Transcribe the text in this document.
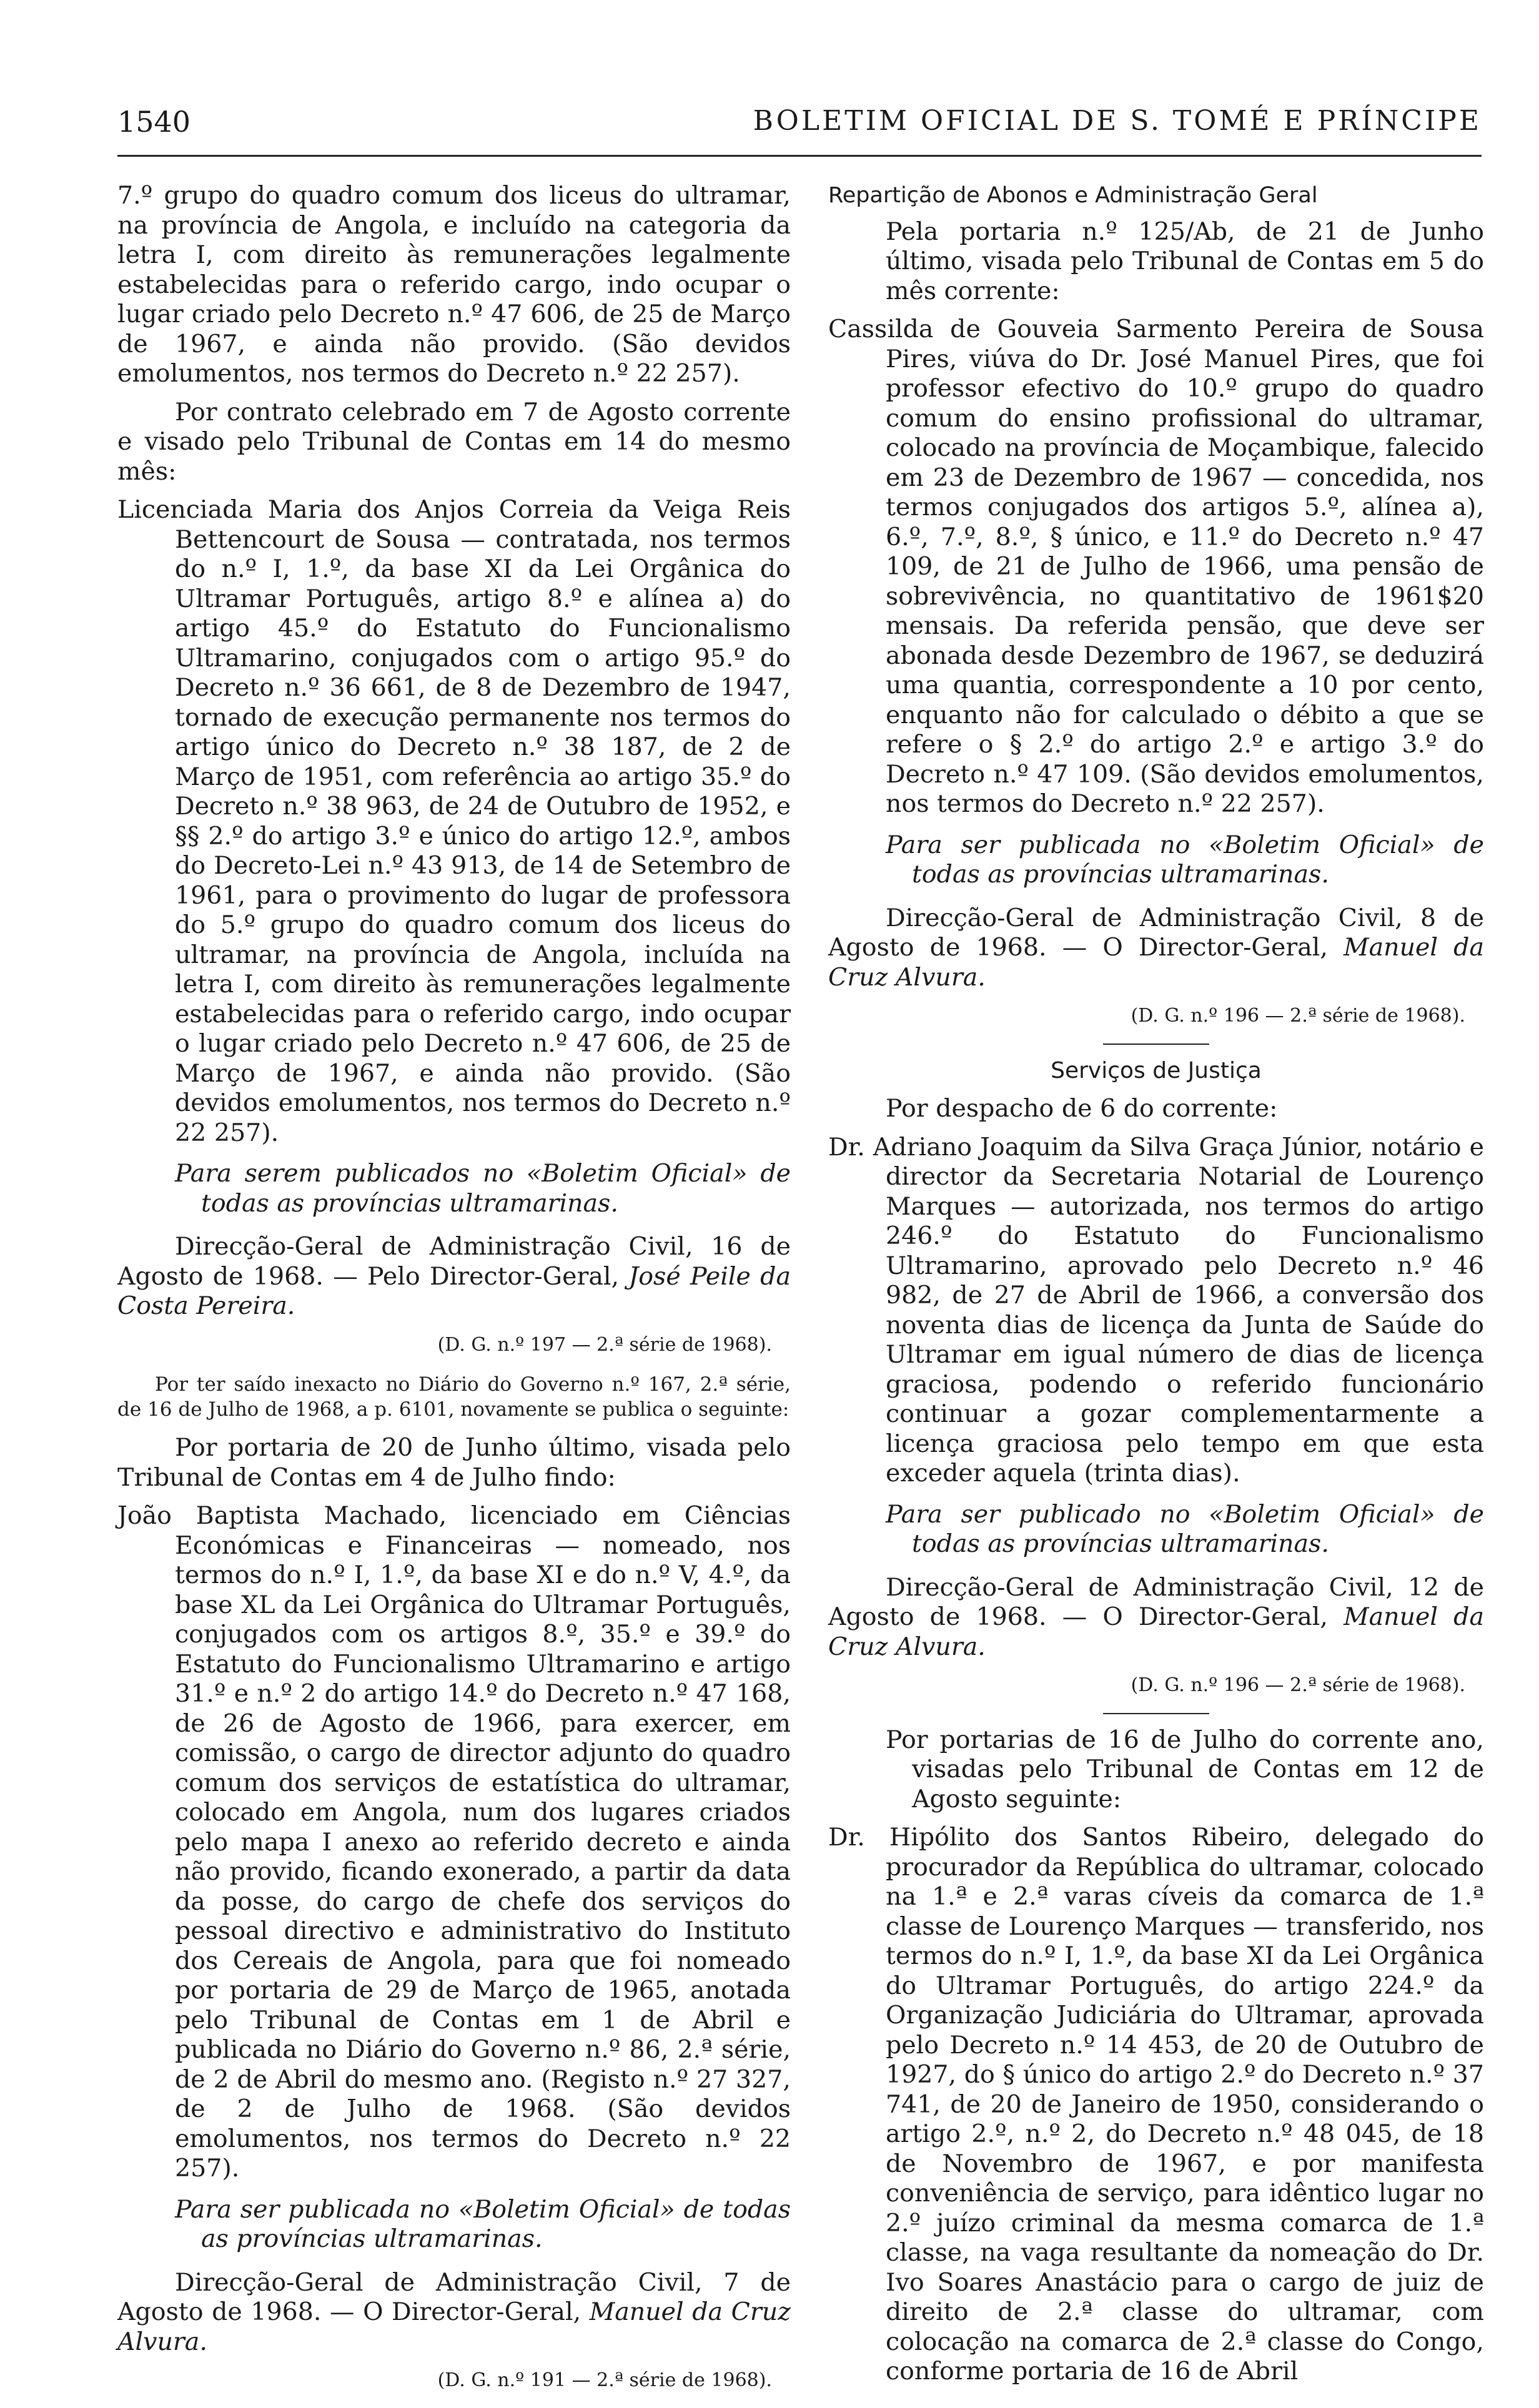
1540	BOLETIM OFICIAL DE S. TOMÉ E PRÍNCIPE

7.º grupo do quadro comum dos liceus do ultramar, na província de Angola, e incluído na categoria da letra I, com direito às remunerações legalmente estabelecidas para o referido cargo, indo ocupar o lugar criado pelo Decreto n.º 47 606, de 25 de Março de 1967, e ainda não provido. (São devidos emolumentos, nos termos do Decreto n.º 22 257).

Por contrato celebrado em 7 de Agosto corrente e visado pelo Tribunal de Contas em 14 do mesmo mês:

Licenciada Maria dos Anjos Correia da Veiga Reis Bettencourt de Sousa — contratada, nos termos do n.º I, 1.º, da base XI da Lei Orgânica do Ultramar Português, artigo 8.º e alínea a) do artigo 45.º do Estatuto do Funcionalismo Ultramarino, conjugados com o artigo 95.º do Decreto n.º 36 661, de 8 de Dezembro de 1947, tornado de execução permanente nos termos do artigo único do Decreto n.º 38 187, de 2 de Março de 1951, com referência ao artigo 35.º do Decreto n.º 38 963, de 24 de Outubro de 1952, e §§ 2.º do artigo 3.º e único do artigo 12.º, ambos do Decreto-Lei n.º 43 913, de 14 de Setembro de 1961, para o provimento do lugar de professora do 5.º grupo do quadro comum dos liceus do ultramar, na província de Angola, incluída na letra I, com direito às remunerações legalmente estabelecidas para o referido cargo, indo ocupar o lugar criado pelo Decreto n.º 47 606, de 25 de Março de 1967, e ainda não provido. (São devidos emolumentos, nos termos do Decreto n.º 22 257).

Para serem publicados no «Boletim Oficial» de todas as províncias ultramarinas.

Direcção-Geral de Administração Civil, 16 de Agosto de 1968. — Pelo Director-Geral, José Peile da Costa Pereira.

(D. G. n.º 197 — 2.ª série de 1968).

Por ter saído inexacto no Diário do Governo n.º 167, 2.ª série, de 16 de Julho de 1968, a p. 6101, novamente se publica o seguinte:

Por portaria de 20 de Junho último, visada pelo Tribunal de Contas em 4 de Julho findo:

João Baptista Machado, licenciado em Ciências Económicas e Financeiras — nomeado, nos termos do n.º I, 1.º, da base XI e do n.º V, 4.º, da base XL da Lei Orgânica do Ultramar Português, conjugados com os artigos 8.º, 35.º e 39.º do Estatuto do Funcionalismo Ultramarino e artigo 31.º e n.º 2 do artigo 14.º do Decreto n.º 47 168, de 26 de Agosto de 1966, para exercer, em comissão, o cargo de director adjunto do quadro comum dos serviços de estatística do ultramar, colocado em Angola, num dos lugares criados pelo mapa I anexo ao referido decreto e ainda não provido, ficando exonerado, a partir da data da posse, do cargo de chefe dos serviços do pessoal directivo e administrativo do Instituto dos Cereais de Angola, para que foi nomeado por portaria de 29 de Março de 1965, anotada pelo Tribunal de Contas em 1 de Abril e publicada no Diário do Governo n.º 86, 2.ª série, de 2 de Abril do mesmo ano. (Registo n.º 27 327, de 2 de Julho de 1968. (São devidos emolumentos, nos termos do Decreto n.º 22 257).

Para ser publicada no «Boletim Oficial» de todas as províncias ultramarinas.

Direcção-Geral de Administração Civil, 7 de Agosto de 1968. — O Director-Geral, Manuel da Cruz Alvura.

(D. G. n.º 191 — 2.ª série de 1968).

Repartição de Abonos e Administração Geral

Pela portaria n.º 125/Ab, de 21 de Junho último, visada pelo Tribunal de Contas em 5 do mês corrente:

Cassilda de Gouveia Sarmento Pereira de Sousa Pires, viúva do Dr. José Manuel Pires, que foi professor efectivo do 10.º grupo do quadro comum do ensino profissional do ultramar, colocado na província de Moçambique, falecido em 23 de Dezembro de 1967 — concedida, nos termos conjugados dos artigos 5.º, alínea a), 6.º, 7.º, 8.º, § único, e 11.º do Decreto n.º 47 109, de 21 de Julho de 1966, uma pensão de sobrevivência, no quantitativo de 1961$20 mensais. Da referida pensão, que deve ser abonada desde Dezembro de 1967, se deduzirá uma quantia, correspondente a 10 por cento, enquanto não for calculado o débito a que se refere o § 2.º do artigo 2.º e artigo 3.º do Decreto n.º 47 109. (São devidos emolumentos, nos termos do Decreto n.º 22 257).

Para ser publicada no «Boletim Oficial» de todas as províncias ultramarinas.

Direcção-Geral de Administração Civil, 8 de Agosto de 1968. — O Director-Geral, Manuel da Cruz Alvura.

(D. G. n.º 196 — 2.ª série de 1968).

Serviços de Justiça

Por despacho de 6 do corrente:

Dr. Adriano Joaquim da Silva Graça Júnior, notário e director da Secretaria Notarial de Lourenço Marques — autorizada, nos termos do artigo 246.º do Estatuto do Funcionalismo Ultramarino, aprovado pelo Decreto n.º 46 982, de 27 de Abril de 1966, a conversão dos noventa dias de licença da Junta de Saúde do Ultramar em igual número de dias de licença graciosa, podendo o referido funcionário continuar a gozar complementarmente a licença graciosa pelo tempo em que esta exceder aquela (trinta dias).

Para ser publicado no «Boletim Oficial» de todas as províncias ultramarinas.

Direcção-Geral de Administração Civil, 12 de Agosto de 1968. — O Director-Geral, Manuel da Cruz Alvura.

(D. G. n.º 196 — 2.ª série de 1968).

Por portarias de 16 de Julho do corrente ano, visadas pelo Tribunal de Contas em 12 de Agosto seguinte:

Dr. Hipólito dos Santos Ribeiro, delegado do procurador da República do ultramar, colocado na 1.ª e 2.ª varas cíveis da comarca de 1.ª classe de Lourenço Marques — transferido, nos termos do n.º I, 1.º, da base XI da Lei Orgânica do Ultramar Português, do artigo 224.º da Organização Judiciária do Ultramar, aprovada pelo Decreto n.º 14 453, de 20 de Outubro de 1927, do § único do artigo 2.º do Decreto n.º 37 741, de 20 de Janeiro de 1950, considerando o artigo 2.º, n.º 2, do Decreto n.º 48 045, de 18 de Novembro de 1967, e por manifesta conveniência de serviço, para idêntico lugar no 2.º juízo criminal da mesma comarca de 1.ª classe, na vaga resultante da nomeação do Dr. Ivo Soares Anastácio para o cargo de juiz de direito de 2.ª classe do ultramar, com colocação na comarca de 2.ª classe do Congo, conforme portaria de 16 de Abril
